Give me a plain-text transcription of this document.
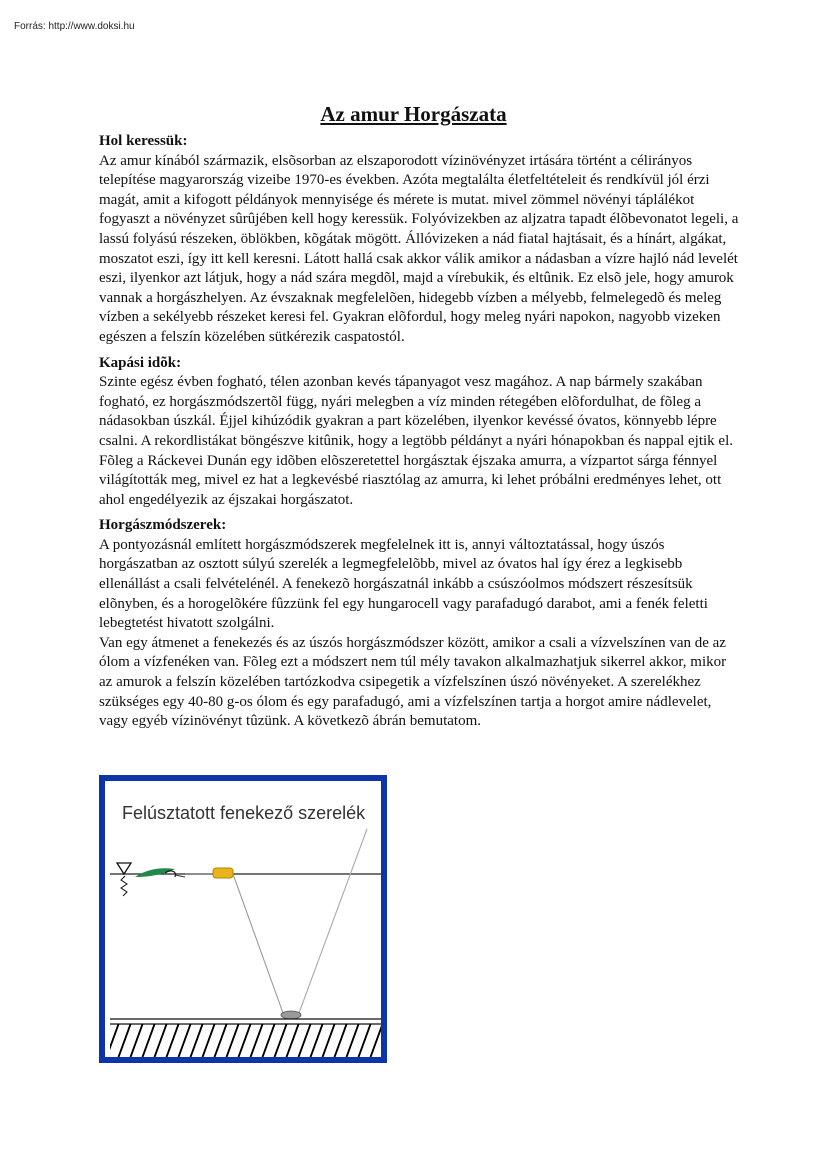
Forrás: http://www.doksi.hu
Az amur Horgászata
Hol keressük:

Az amur kínából származik, elsõsorban az elszaporodott vízinövényzet irtására történt a célirányos telepítése magyarország vizeibe 1970-es években. Azóta megtalálta életfeltételeit és rendkívül jól érzi magát, amit a kifogott példányok mennyisége és mérete is mutat. mivel zömmel növényi táplálékot fogyaszt a növényzet sûrûjében kell hogy keressük. Folyóvizekben az aljzatra tapadt élõbevonatot legeli, a lassú folyású részeken, öblökben, kõgátak mögött. Állóvizeken a nád fiatal hajtásait, és a hínárt, algákat, moszatot eszi, így itt kell keresni. Látott hallá csak akkor válik amikor a nádasban a vízre hajló nád levelét eszi, ilyenkor azt látjuk, hogy a nád szára megdõl, majd a vírebukik, és eltûnik. Ez elsõ jele, hogy amurok vannak a horgászhelyen. Az évszaknak megfelelõen, hidegebb vízben a mélyebb, felmelegedõ és meleg vízben a sekélyebb részeket keresi fel. Gyakran elõfordul, hogy meleg nyári napokon, nagyobb vizeken egészen a felszín közelében sütkérezik caspatostól.

Kapási idõk:

Szinte egész évben fogható, télen azonban kevés tápanyagot vesz magához. A nap bármely szakában fogható, ez horgászmódszertõl függ, nyári melegben a víz minden rétegében elõfordulhat, de fõleg a nádasokban úszkál. Éjjel kihúzódik gyakran a part közelében, ilyenkor kevéssé óvatos, könnyebb lépre csalni. A rekordlistákat böngészve kitûnik, hogy a legtöbb példányt a nyári hónapokban és nappal ejtik el. Fõleg a Ráckevei Dunán egy idõben elõszeretettel horgásztak éjszaka amurra, a vízpartot sárga fénnyel világították meg, mivel ez hat a legkevésbé riasztólag az amurra, ki lehet próbálni eredményes lehet, ott ahol engedélyezik az éjszakai horgászatot.

Horgászmódszerek:

A pontyozásnál említett horgászmódszerek megfelelnek itt is, annyi változtatással, hogy úszós horgászatban az osztott súlyú szerelék a legmegfelelõbb, mivel az óvatos hal így érez a legkisebb ellenállást a csali felvételénél. A fenekezõ horgászatnál inkább a csúszóolmos módszert részesítsük elõnyben, és a horogelõkére fûzzünk fel egy hungarocell vagy parafadugó darabot, ami a fenék feletti lebegtetést hivatott szolgálni.

Van egy átmenet a fenekezés és az úszós horgászmódszer között, amikor a csali a vízvelszínen van de az ólom a vízfenéken van. Fõleg ezt a módszert nem túl mély tavakon alkalmazhatjuk sikerrel akkor, mikor az amurok a felszín közelében tartózkodva csipegetik a vízfelszínen úszó növényeket. A szerelékhez szükséges egy 40-80 g-os ólom és egy parafadugó, ami a vízfelszínen tartja a horgot amire nádlevelet, vagy egyéb vízinövényt tûzünk. A következõ ábrán bemutatom.

Felúsztatott fenekező szerelék
